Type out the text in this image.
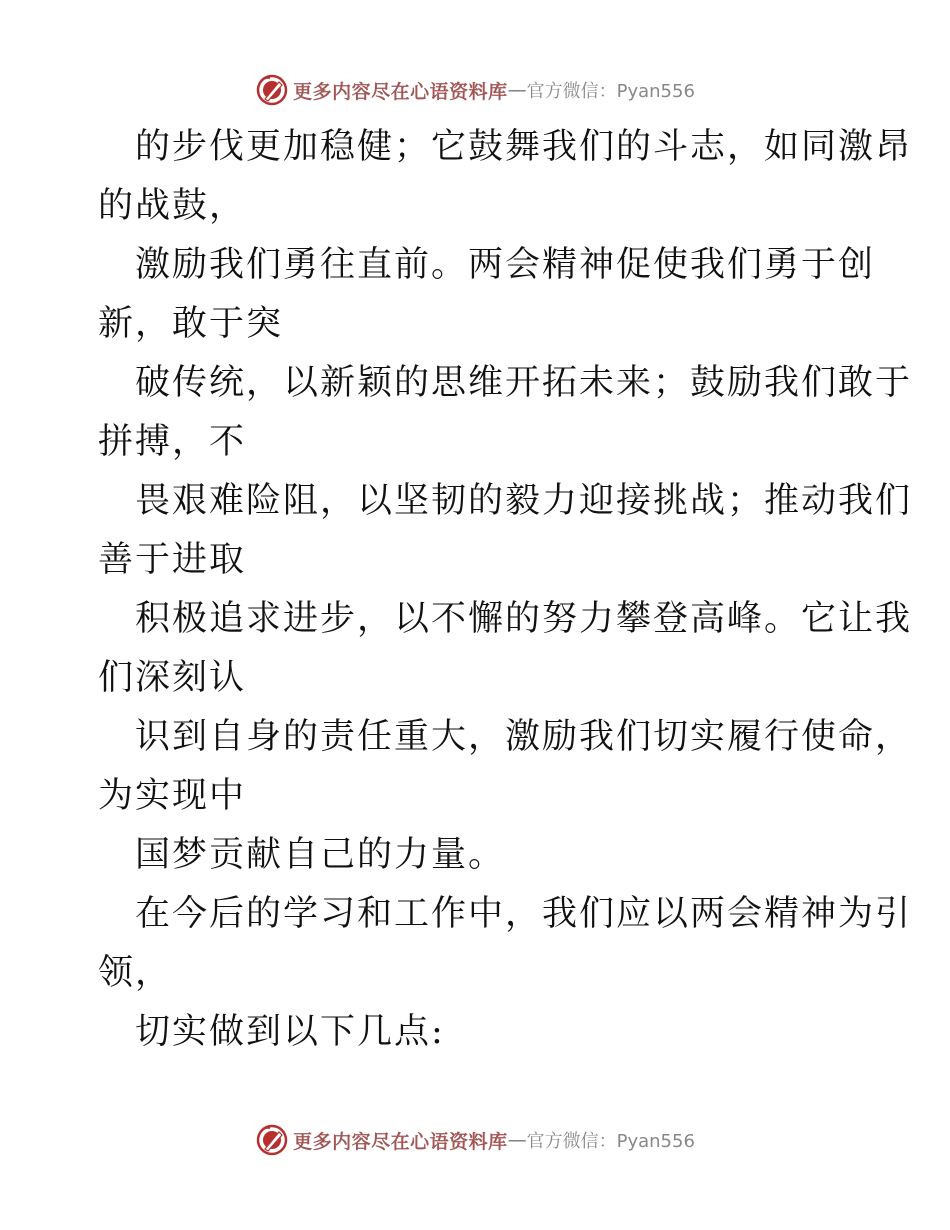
更多内容尽在心语资料库 — 官方微信：Pyan556
的步伐更加稳健；它鼓舞我们的斗志，如同激昂
的战鼓，
激励我们勇往直前。两会精神促使我们勇于创
新，敢于突
破传统，以新颖的思维开拓未来；鼓励我们敢于
拼搏，不
畏艰难险阻，以坚韧的毅力迎接挑战；推动我们
善于进取
积极追求进步，以不懈的努力攀登高峰。它让我
们深刻认
识到自身的责任重大，激励我们切实履行使命，
为实现中
国梦贡献自己的力量。
在今后的学习和工作中，我们应以两会精神为引
领，
切实做到以下几点:
更多内容尽在心语资料库 — 官方微信：Pyan556
